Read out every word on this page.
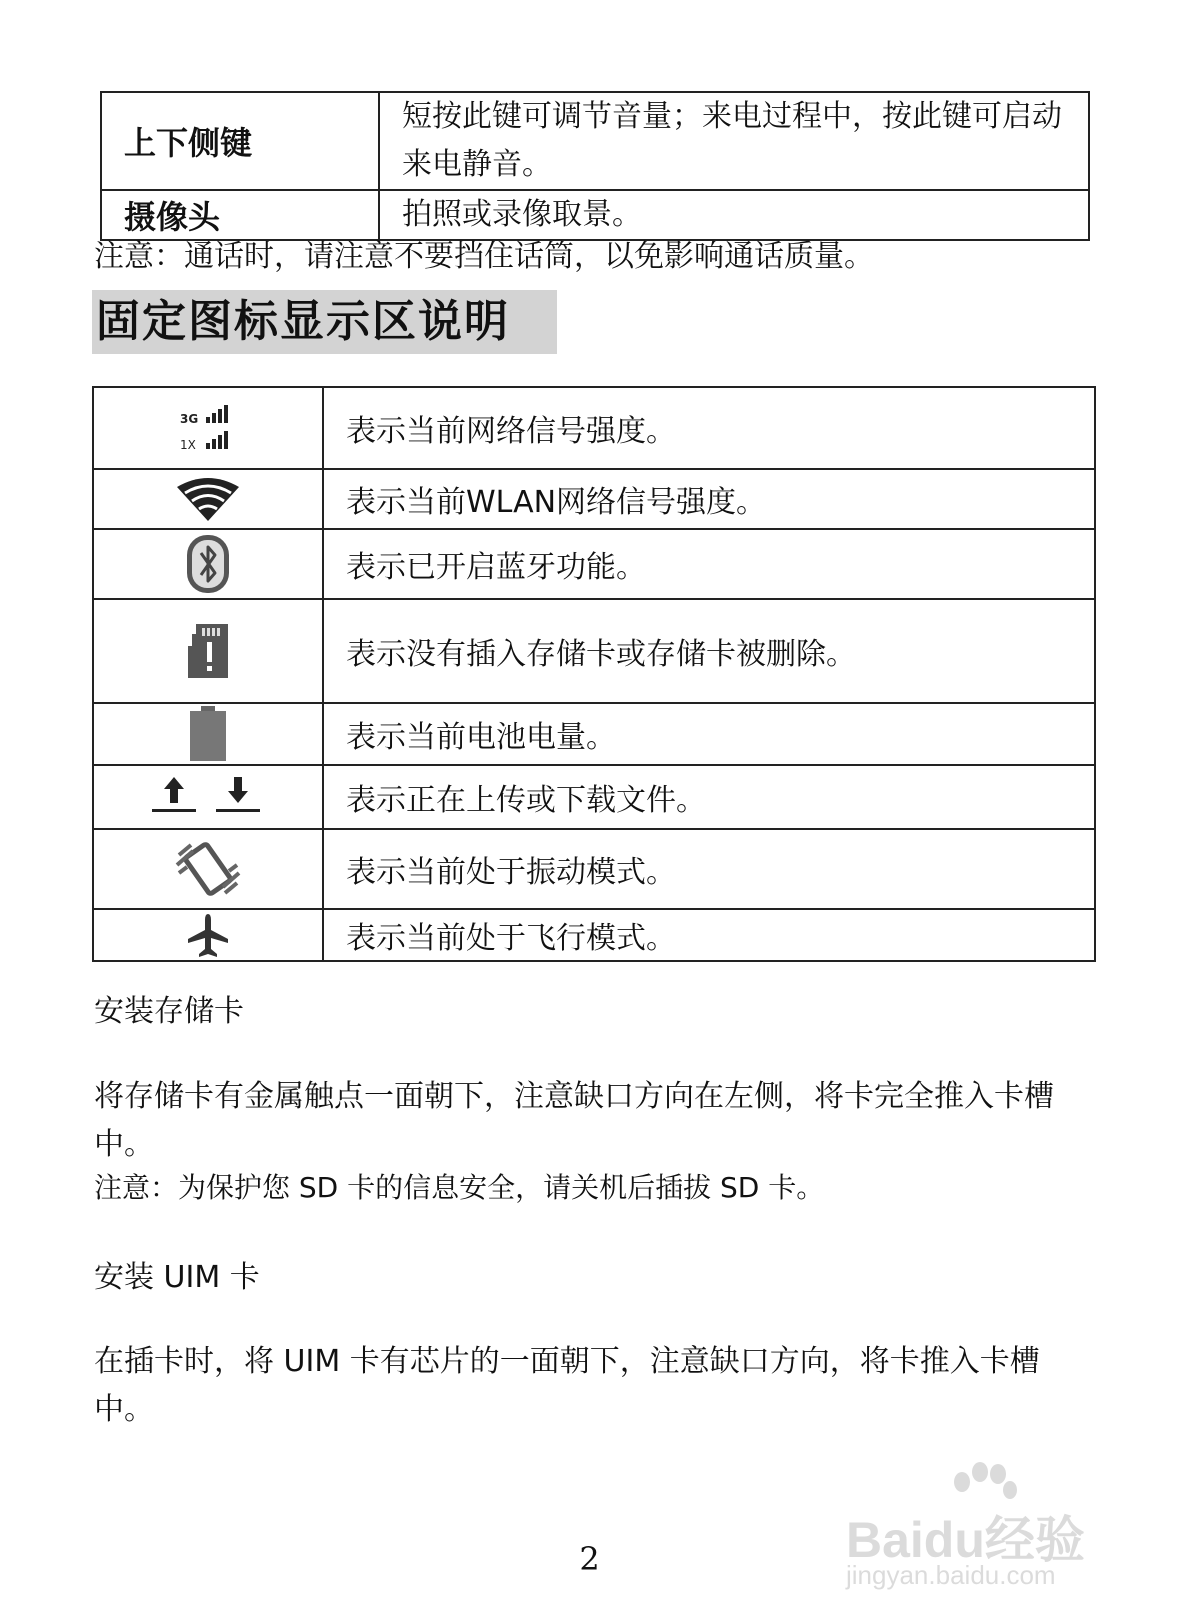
上下侧键	短按此键可调节音量；来电过程中，按此键可启动来电静音。
摄像头	拍照或录像取景。

注意：通话时，请注意不要挡住话筒，以免影响通话质量。

固定图标显示区说明
3G
1X	表示当前网络信号强度。
	表示当前WLAN网络信号强度。
	表示已开启蓝牙功能。
	表示没有插入存储卡或存储卡被删除。
	表示当前电池电量。
	表示正在上传或下载文件。
	表示当前处于振动模式。
	表示当前处于飞行模式。

安装存储卡

将存储卡有金属触点一面朝下，注意缺口方向在左侧，将卡完全推入卡槽中。

注意：为保护您 SD 卡的信息安全，请关机后插拔 SD 卡。

安装 UIM 卡

在插卡时，将 UIM 卡有芯片的一面朝下，注意缺口方向，将卡推入卡槽中。

2	Baidu经验
jingyan.baidu.com
